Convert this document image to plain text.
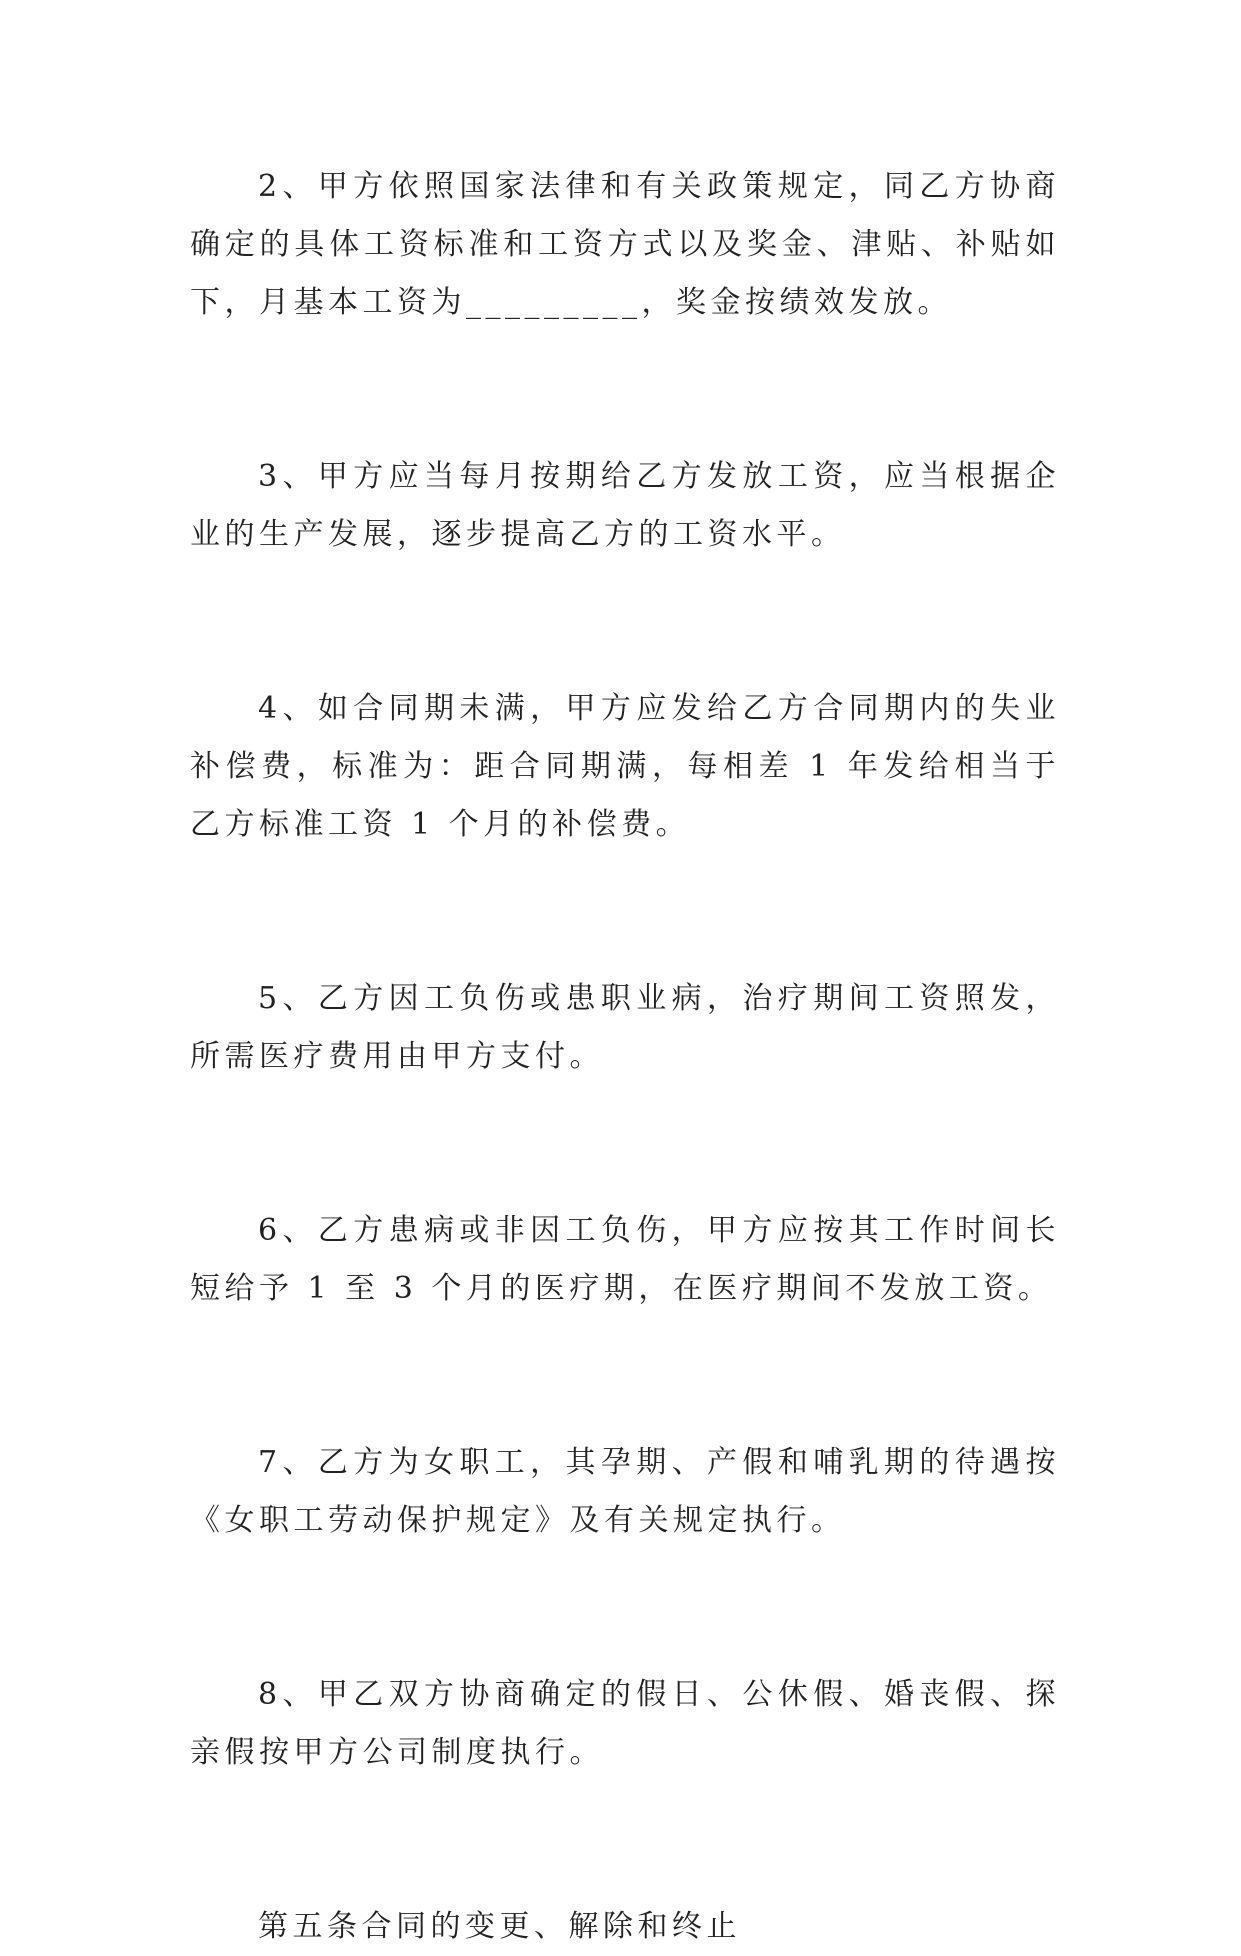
2、甲方依照国家法律和有关政策规定，同乙方协商确定的具体工资标准和工资方式以及奖金、津贴、补贴如下，月基本工资为_________，奖金按绩效发放。

3、甲方应当每月按期给乙方发放工资，应当根据企业的生产发展，逐步提高乙方的工资水平。

4、如合同期未满，甲方应发给乙方合同期内的失业补偿费，标准为：距合同期满，每相差 1 年发给相当于乙方标准工资 1 个月的补偿费。

5、乙方因工负伤或患职业病，治疗期间工资照发，所需医疗费用由甲方支付。

6、乙方患病或非因工负伤，甲方应按其工作时间长短给予 1 至 3 个月的医疗期，在医疗期间不发放工资。

7、乙方为女职工，其孕期、产假和哺乳期的待遇按《女职工劳动保护规定》及有关规定执行。

8、甲乙双方协商确定的假日、公休假、婚丧假、探亲假按甲方公司制度执行。

第五条合同的变更、解除和终止
